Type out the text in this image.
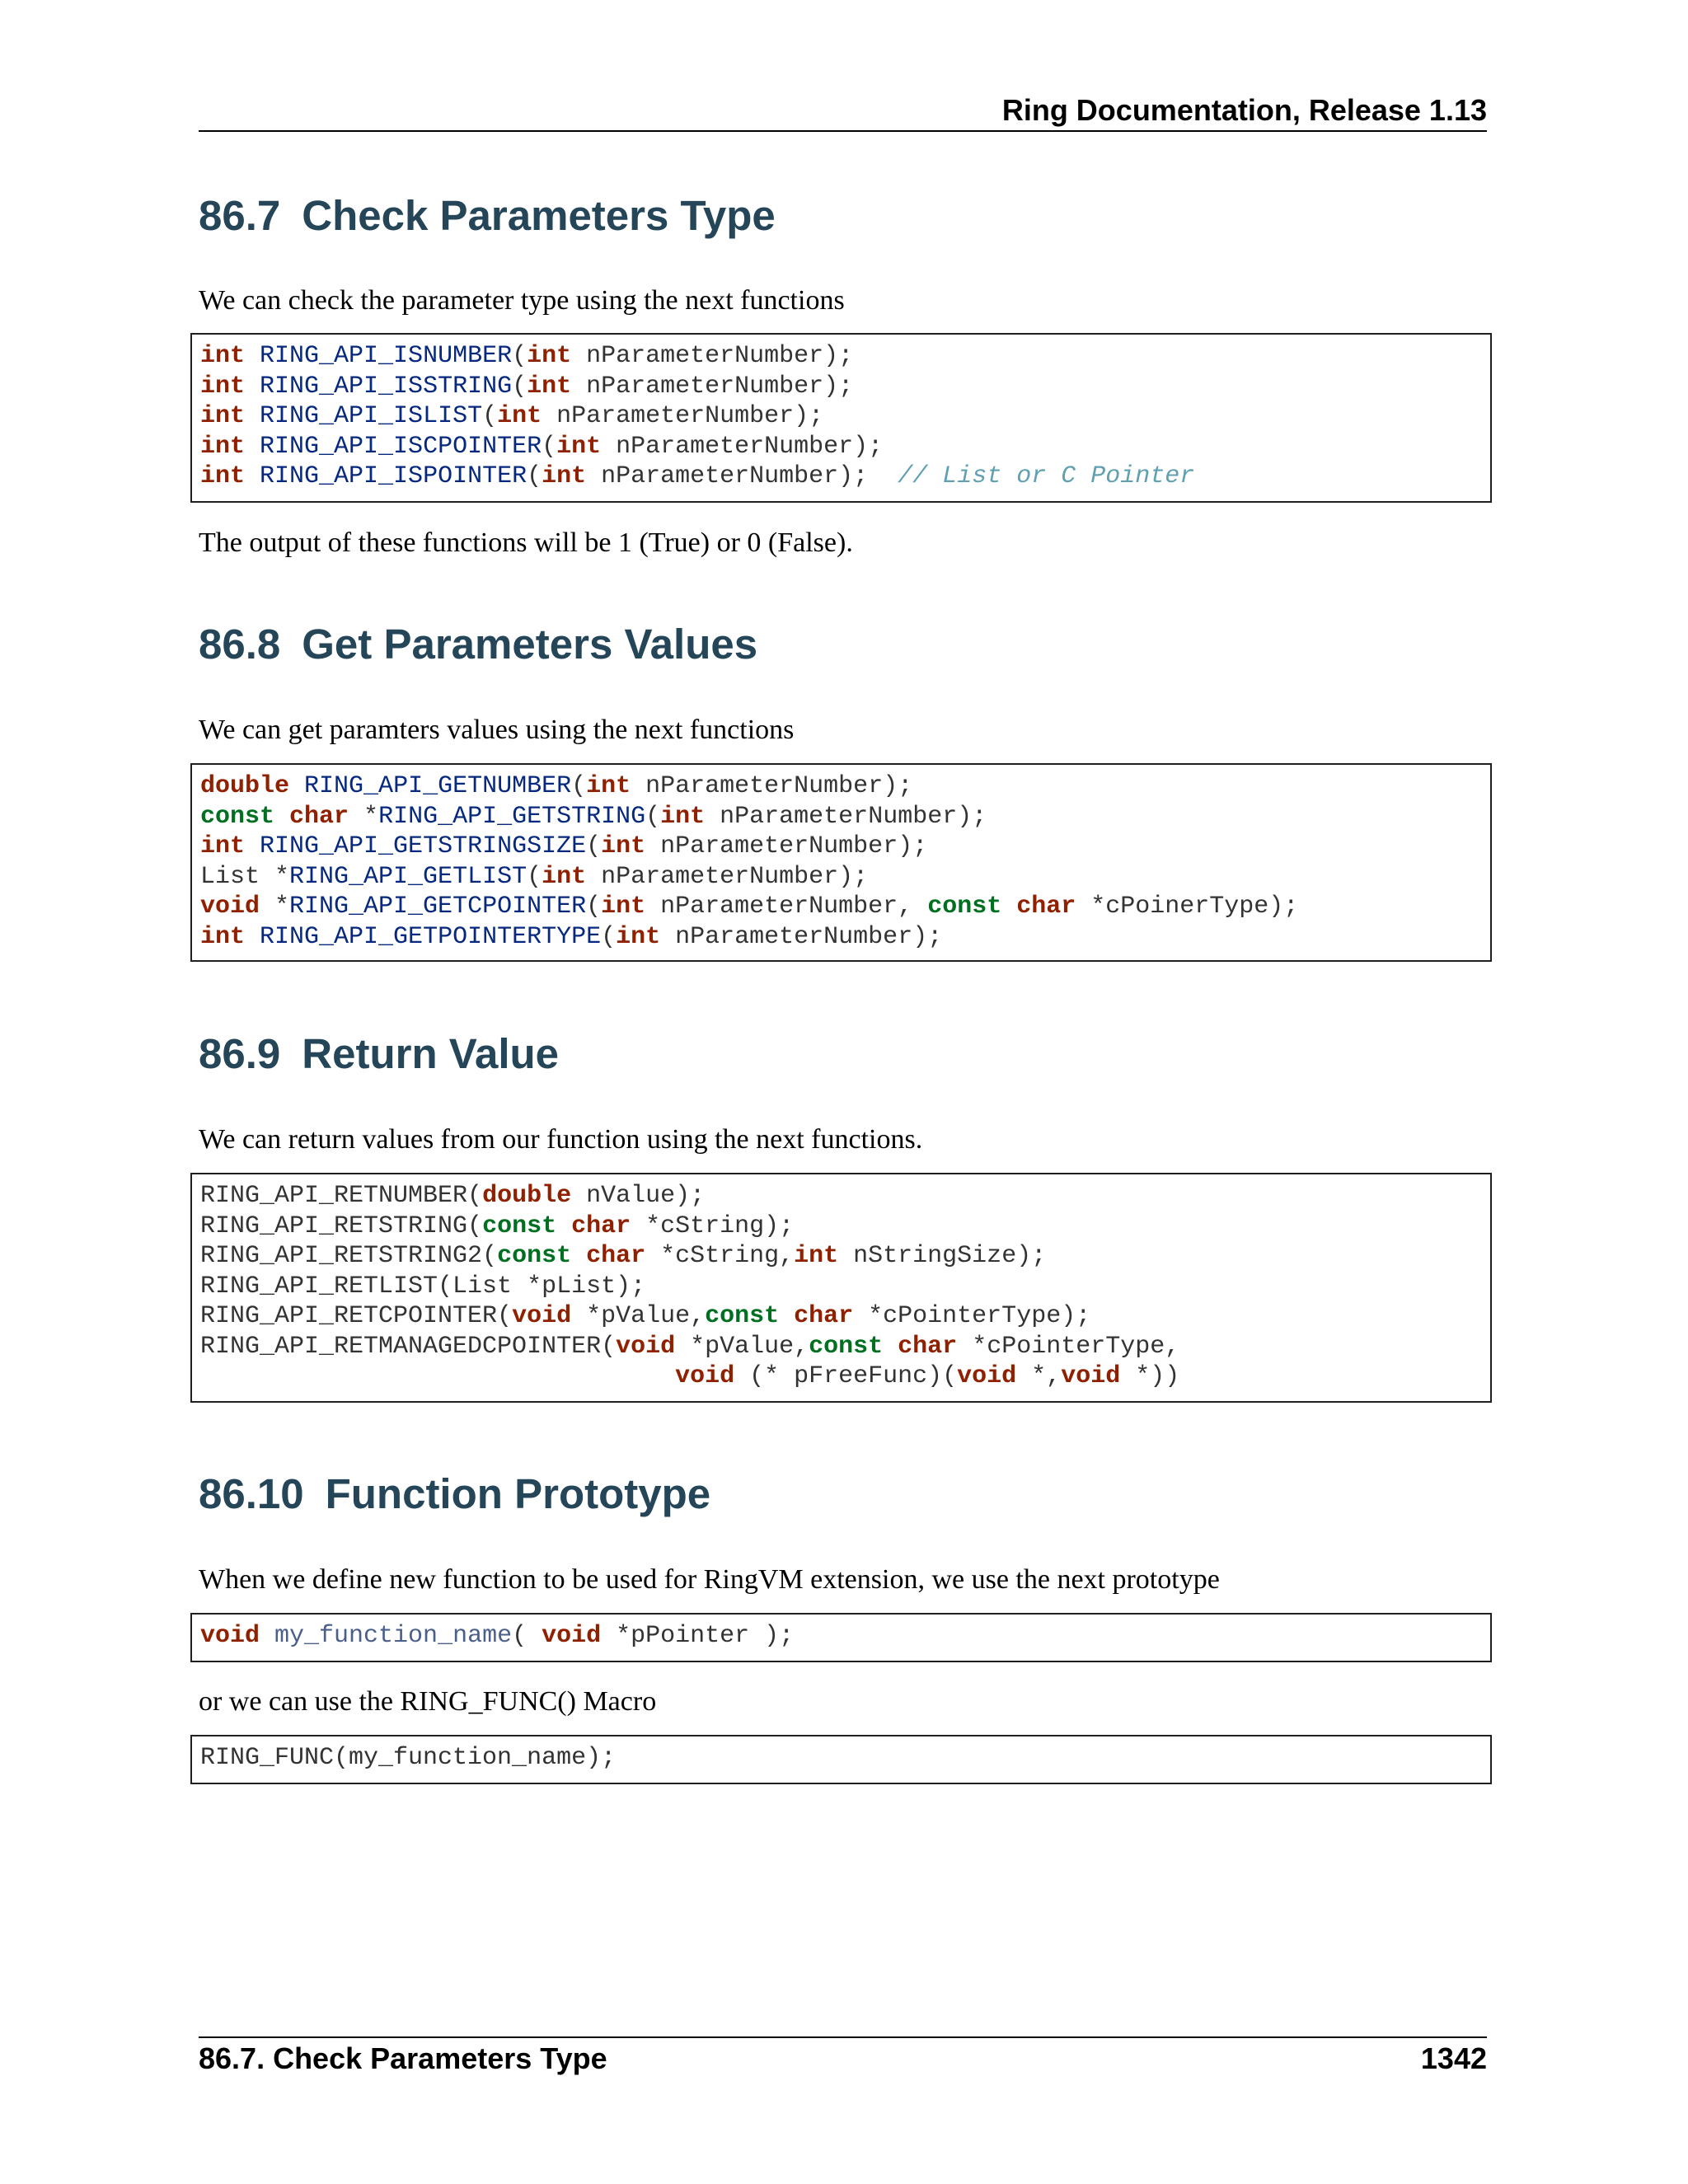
Ring Documentation, Release 1.13
86.7 Check Parameters Type

We can check the parameter type using the next functions

int RING_API_ISNUMBER(int nParameterNumber);
int RING_API_ISSTRING(int nParameterNumber);
int RING_API_ISLIST(int nParameterNumber);
int RING_API_ISCPOINTER(int nParameterNumber);
int RING_API_ISPOINTER(int nParameterNumber);  // List or C Pointer

The output of these functions will be 1 (True) or 0 (False).

86.8 Get Parameters Values

We can get paramters values using the next functions

double RING_API_GETNUMBER(int nParameterNumber);
const char *RING_API_GETSTRING(int nParameterNumber);
int RING_API_GETSTRINGSIZE(int nParameterNumber);
List *RING_API_GETLIST(int nParameterNumber);
void *RING_API_GETCPOINTER(int nParameterNumber, const char *cPoinerType);
int RING_API_GETPOINTERTYPE(int nParameterNumber);
86.9 Return Value

We can return values from our function using the next functions.

RING_API_RETNUMBER(double nValue);
RING_API_RETSTRING(const char *cString);
RING_API_RETSTRING2(const char *cString,int nStringSize);
RING_API_RETLIST(List *pList);
RING_API_RETCPOINTER(void *pValue,const char *cPointerType);
RING_API_RETMANAGEDCPOINTER(void *pValue,const char *cPointerType,
void (* pFreeFunc)(void *,void *))
86.10 Function Prototype

When we define new function to be used for RingVM extension, we use the next prototype

void my_function_name( void *pPointer );

or we can use the RING_FUNC() Macro

RING_FUNC(my_function_name);
86.7. Check Parameters Type	1342
